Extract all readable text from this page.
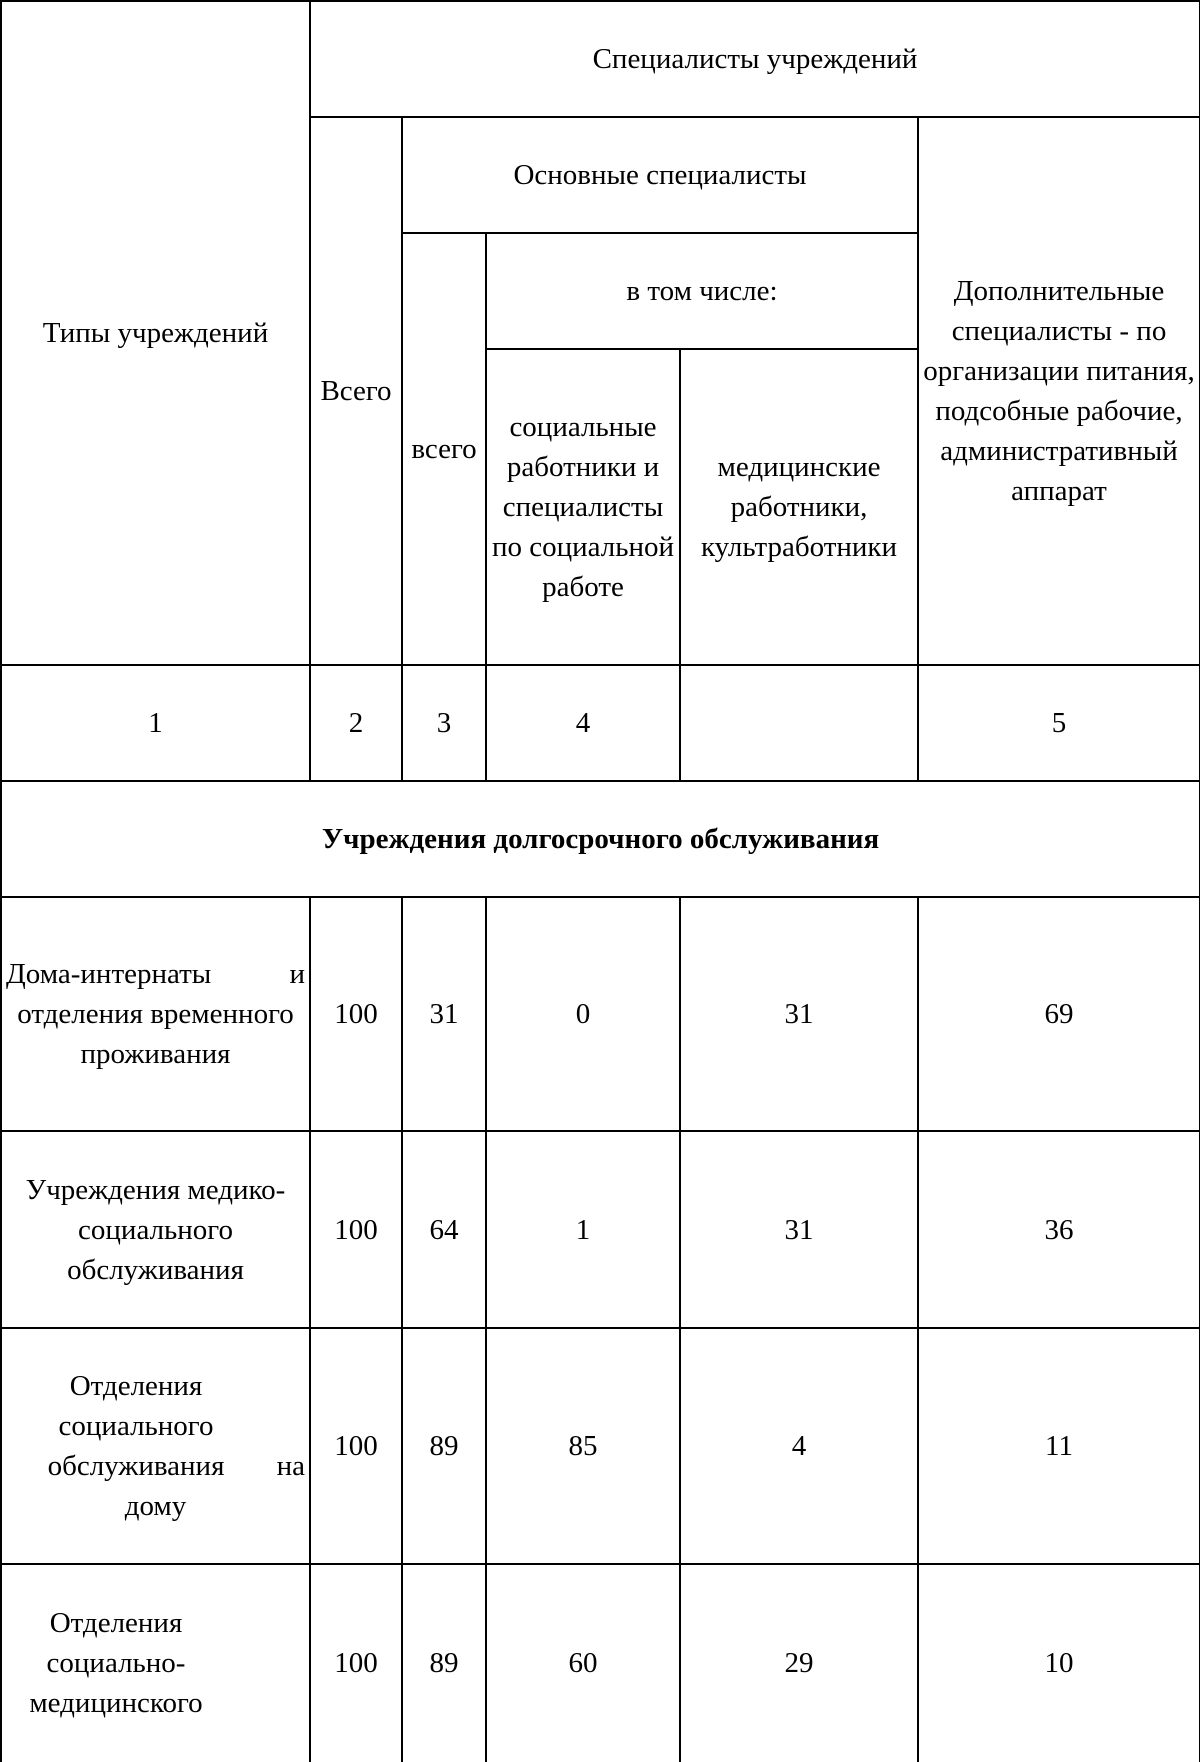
Типы учреждений	Специалисты учреждений				
	Всего	Основные специалисты			Дополнительные специалисты - по организации питания, подсобные рабочие, административный аппарат
		всего	в том числе:		
			социальные работники и специалисты по социальной работе	медицинские работники, культработники	
1	2	3	4		5
Учреждения долгосрочного обслуживания					

Дома-интернаты и
отделения временного проживания	100	31	0	31	69
Учреждения медико-социального обслуживания	100	64	1	31	36

Отделения социального обслуживания
дому
на	100	89	85	4	11

Отделения социально-медицинского	100	89	60	29	10
